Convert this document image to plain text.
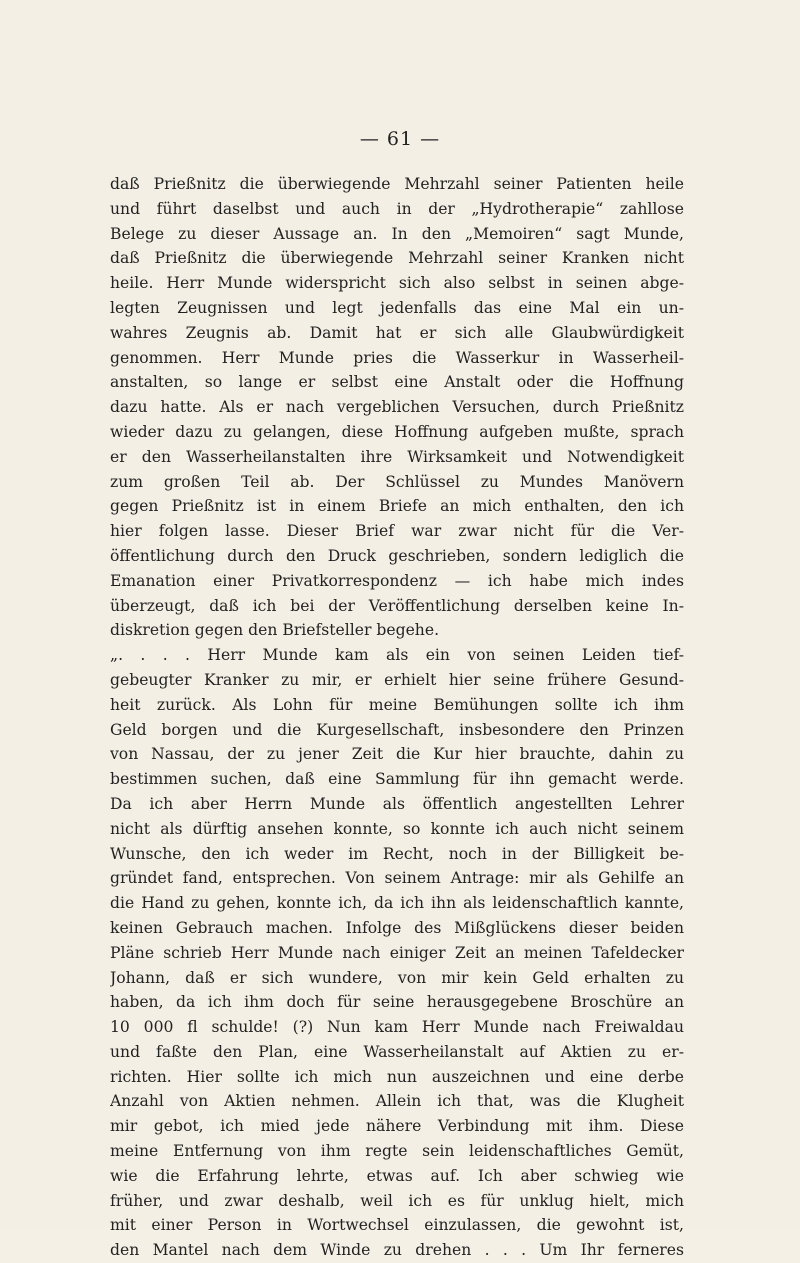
— 61 —
daß Prießnitz die überwiegende Mehrzahl seiner Patienten heile
und führt daselbst und auch in der „Hydrotherapie“ zahllose
Belege zu dieser Aussage an. In den „Memoiren“ sagt Munde,
daß Prießnitz die überwiegende Mehrzahl seiner Kranken nicht
heile. Herr Munde widerspricht sich also selbst in seinen abge-
legten Zeugnissen und legt jedenfalls das eine Mal ein un-
wahres Zeugnis ab. Damit hat er sich alle Glaubwürdigkeit
genommen. Herr Munde pries die Wasserkur in Wasserheil-
anstalten, so lange er selbst eine Anstalt oder die Hoffnung
dazu hatte. Als er nach vergeblichen Versuchen, durch Prießnitz
wieder dazu zu gelangen, diese Hoffnung aufgeben mußte, sprach
er den Wasserheilanstalten ihre Wirksamkeit und Notwendigkeit
zum großen Teil ab. Der Schlüssel zu Mundes Manövern
gegen Prießnitz ist in einem Briefe an mich enthalten, den ich
hier folgen lasse. Dieser Brief war zwar nicht für die Ver-
öffentlichung durch den Druck geschrieben, sondern lediglich die
Emanation einer Privatkorrespondenz — ich habe mich indes
überzeugt, daß ich bei der Veröffentlichung derselben keine In-
diskretion gegen den Briefsteller begehe.
„. . . . Herr Munde kam als ein von seinen Leiden tief-
gebeugter Kranker zu mir, er erhielt hier seine frühere Gesund-
heit zurück. Als Lohn für meine Bemühungen sollte ich ihm
Geld borgen und die Kurgesellschaft, insbesondere den Prinzen
von Nassau, der zu jener Zeit die Kur hier brauchte, dahin zu
bestimmen suchen, daß eine Sammlung für ihn gemacht werde.
Da ich aber Herrn Munde als öffentlich angestellten Lehrer
nicht als dürftig ansehen konnte, so konnte ich auch nicht seinem
Wunsche, den ich weder im Recht, noch in der Billigkeit be-
gründet fand, entsprechen. Von seinem Antrage: mir als Gehilfe an
die Hand zu gehen, konnte ich, da ich ihn als leidenschaftlich kannte,
keinen Gebrauch machen. Infolge des Mißglückens dieser beiden
Pläne schrieb Herr Munde nach einiger Zeit an meinen Tafeldecker
Johann, daß er sich wundere, von mir kein Geld erhalten zu
haben, da ich ihm doch für seine herausgegebene Broschüre an
10 000 fl schulde! (?) Nun kam Herr Munde nach Freiwaldau
und faßte den Plan, eine Wasserheilanstalt auf Aktien zu er-
richten. Hier sollte ich mich nun auszeichnen und eine derbe
Anzahl von Aktien nehmen. Allein ich that, was die Klugheit
mir gebot, ich mied jede nähere Verbindung mit ihm. Diese
meine Entfernung von ihm regte sein leidenschaftliches Gemüt,
wie die Erfahrung lehrte, etwas auf. Ich aber schwieg wie
früher, und zwar deshalb, weil ich es für unklug hielt, mich
mit einer Person in Wortwechsel einzulassen, die gewohnt ist,
den Mantel nach dem Winde zu drehen . . . Um Ihr ferneres
